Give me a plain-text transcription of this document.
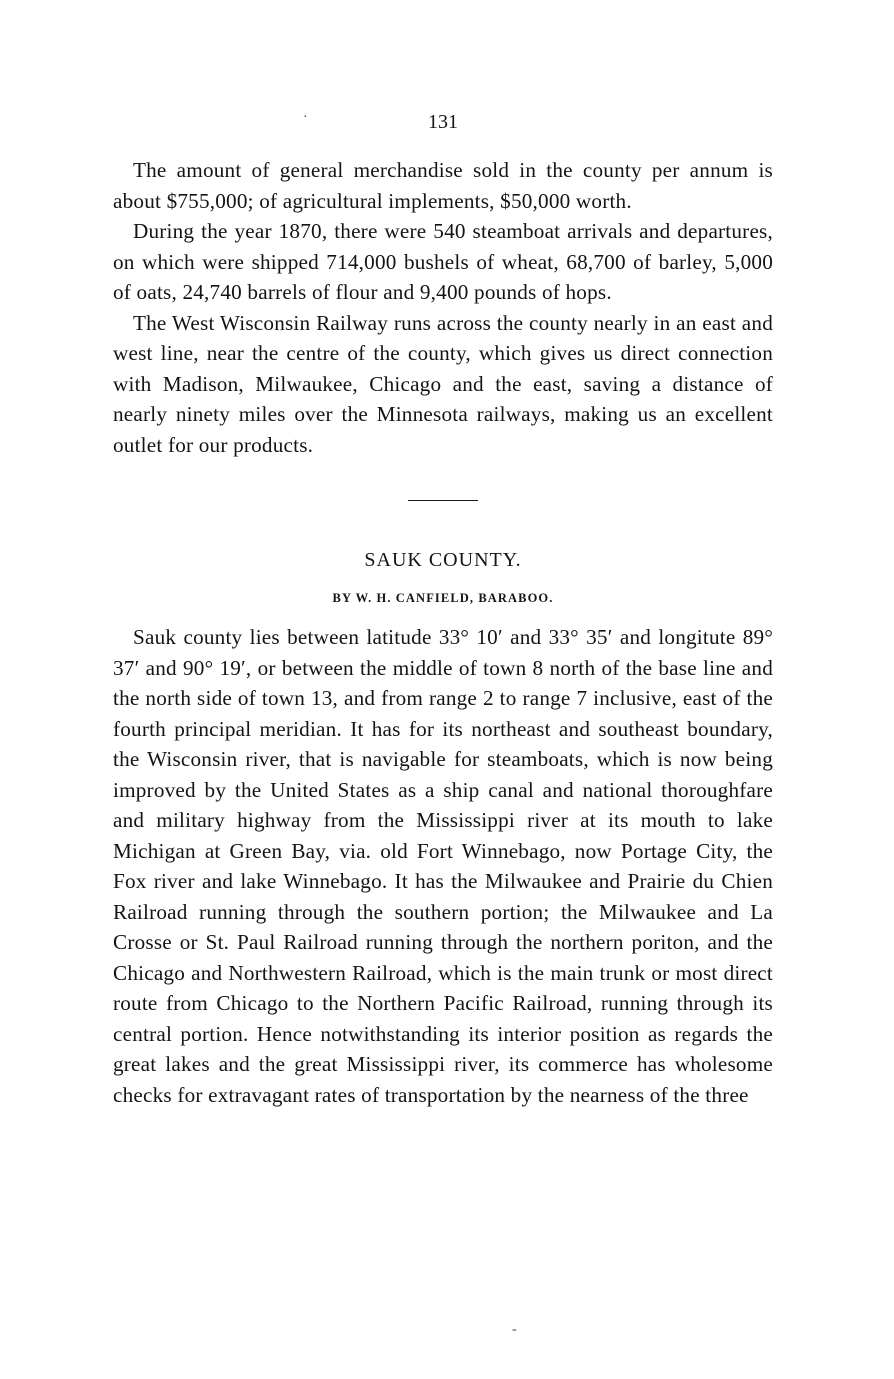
131

The amount of general merchandise sold in the county per annum is about $755,000; of agricultural implements, $50,000 worth.

During the year 1870, there were 540 steamboat arrivals and departures, on which were shipped 714,000 bushels of wheat, 68,700 of barley, 5,000 of oats, 24,740 barrels of flour and 9,400 pounds of hops.

The West Wisconsin Railway runs across the county nearly in an east and west line, near the centre of the county, which gives us direct connection with Madison, Milwaukee, Chicago and the east, saving a distance of nearly ninety miles over the Minnesota railways, making us an excellent outlet for our products.

SAUK COUNTY.
BY W. H. CANFIELD, BARABOO.

Sauk county lies between latitude 33° 10′ and 33° 35′ and longitute 89° 37′ and 90° 19′, or between the middle of town 8 north of the base line and the north side of town 13, and from range 2 to range 7 inclusive, east of the fourth principal meridian. It has for its northeast and southeast boundary, the Wisconsin river, that is navigable for steamboats, which is now being improved by the United States as a ship canal and national thoroughfare and military highway from the Mississippi river at its mouth to lake Michigan at Green Bay, via. old Fort Winnebago, now Portage City, the Fox river and lake Winnebago. It has the Milwaukee and Prairie du Chien Railroad running through the southern portion; the Milwaukee and La Crosse or St. Paul Railroad running through the northern poriton, and the Chicago and Northwestern Railroad, which is the main trunk or most direct route from Chicago to the Northern Pacific Railroad, running through its central portion. Hence notwithstanding its interior position as regards the great lakes and the great Mississippi river, its commerce has wholesome checks for extravagant rates of transportation by the nearness of the three

·
-
